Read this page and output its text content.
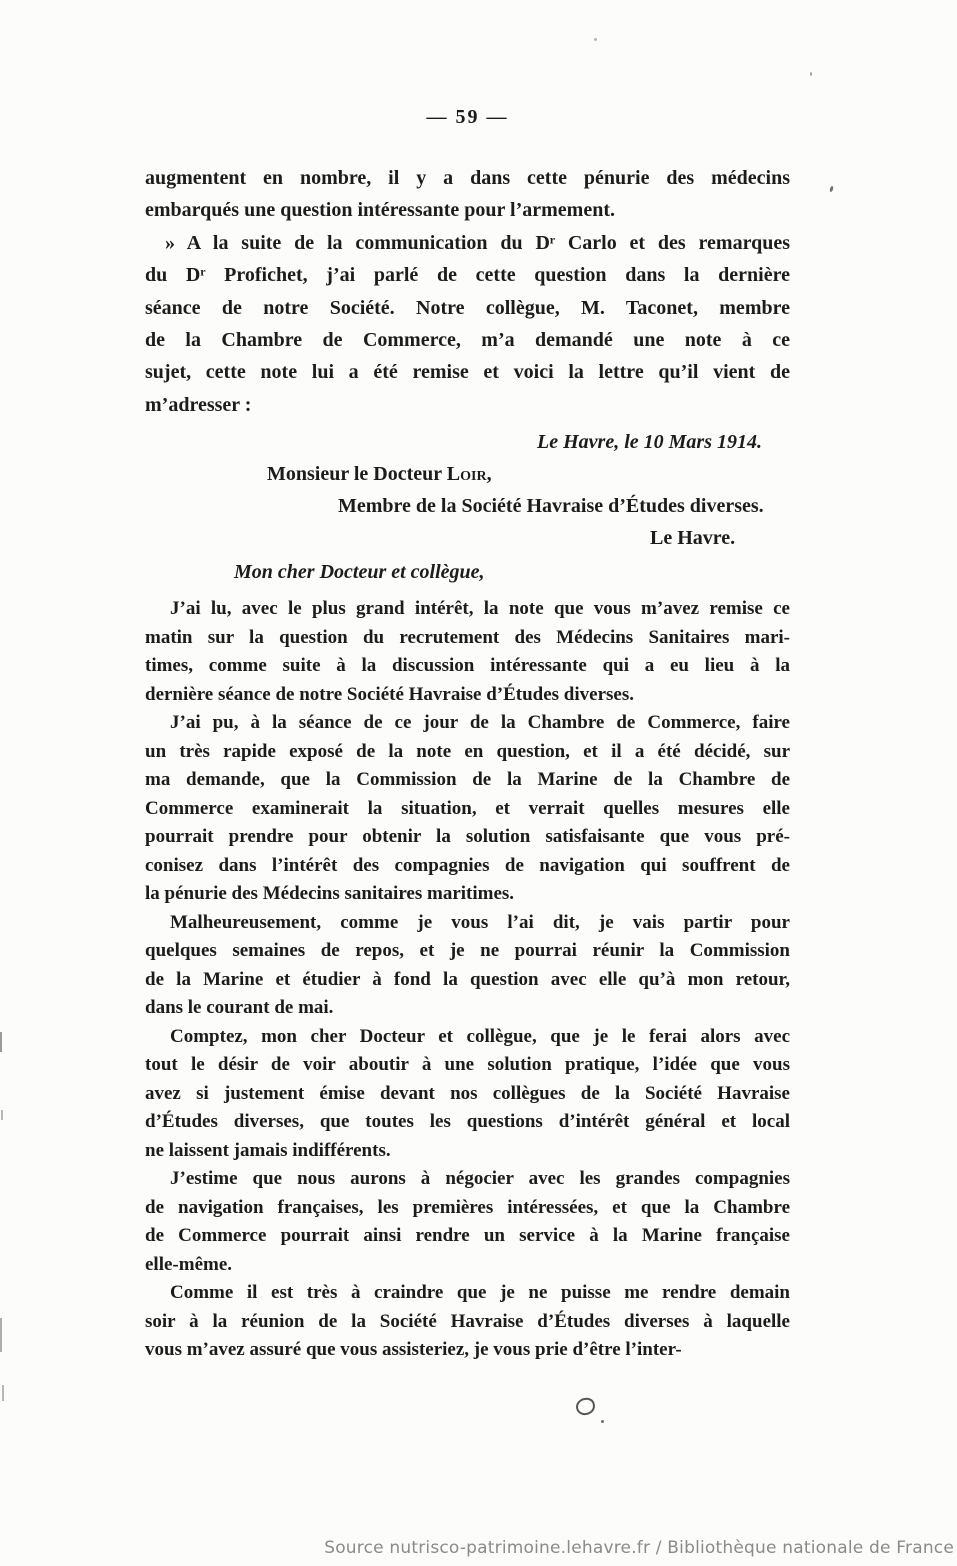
— 59 —
augmentent en nombre, il y a dans cette pénurie des médecins
embarqués une question intéressante pour l’armement.
» A la suite de la communication du Dʳ Carlo et des remarques
du Dʳ Profichet, j’ai parlé de cette question dans la dernière
séance de notre Société. Notre collègue, M. Taconet, membre
de la Chambre de Commerce, m’a demandé une note à ce
sujet, cette note lui a été remise et voici la lettre qu’il vient de
m’adresser :
Le Havre, le 10 Mars 1914.
Monsieur le Docteur Loir,
Membre de la Société Havraise d’Études diverses.
Le Havre.
Mon cher Docteur et collègue,
J’ai lu, avec le plus grand intérêt, la note que vous m’avez remise ce
matin sur la question du recrutement des Médecins Sanitaires mari-
times, comme suite à la discussion intéressante qui a eu lieu à la
dernière séance de notre Société Havraise d’Études diverses.
J’ai pu, à la séance de ce jour de la Chambre de Commerce, faire
un très rapide exposé de la note en question, et il a été décidé, sur
ma demande, que la Commission de la Marine de la Chambre de
Commerce examinerait la situation, et verrait quelles mesures elle
pourrait prendre pour obtenir la solution satisfaisante que vous pré-
conisez dans l’intérêt des compagnies de navigation qui souffrent de
la pénurie des Médecins sanitaires maritimes.
Malheureusement, comme je vous l’ai dit, je vais partir pour
quelques semaines de repos, et je ne pourrai réunir la Commission
de la Marine et étudier à fond la question avec elle qu’à mon retour,
dans le courant de mai.
Comptez, mon cher Docteur et collègue, que je le ferai alors avec
tout le désir de voir aboutir à une solution pratique, l’idée que vous
avez si justement émise devant nos collègues de la Société Havraise
d’Études diverses, que toutes les questions d’intérêt général et local
ne laissent jamais indifférents.
J’estime que nous aurons à négocier avec les grandes compagnies
de navigation françaises, les premières intéressées, et que la Chambre
de Commerce pourrait ainsi rendre un service à la Marine française
elle-même.
Comme il est très à craindre que je ne puisse me rendre demain
soir à la réunion de la Société Havraise d’Études diverses à laquelle
vous m’avez assuré que vous assisteriez, je vous prie d’être l’inter-
Source nutrisco-patrimoine.lehavre.fr / Bibliothèque nationale de France
